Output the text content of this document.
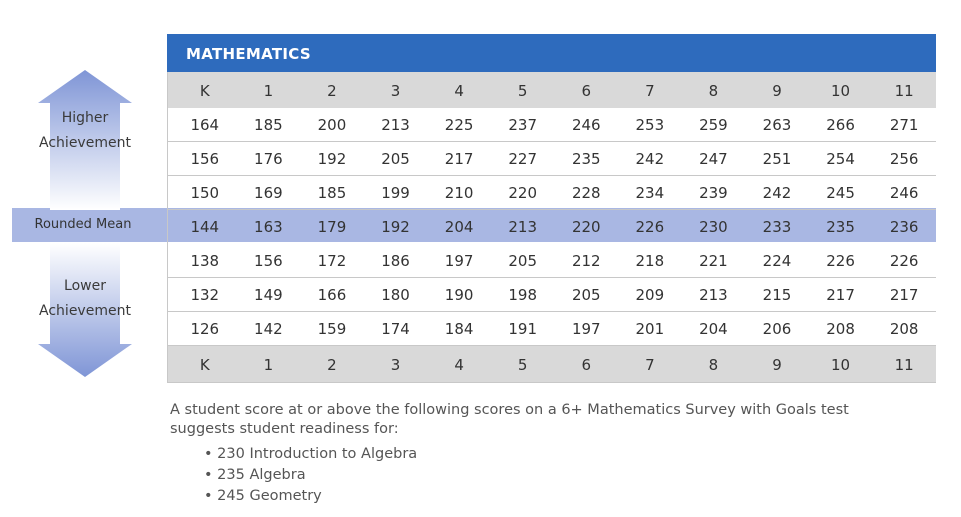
Higher
Achievement
Lower
Achievement
Rounded Mean
MATHEMATICS
K	1	2	3	4	5	6	7	8	9	10	11
164	185	200	213	225	237	246	253	259	263	266	271
156	176	192	205	217	227	235	242	247	251	254	256
150	169	185	199	210	220	228	234	239	242	245	246
144	163	179	192	204	213	220	226	230	233	235	236
138	156	172	186	197	205	212	218	221	224	226	226
132	149	166	180	190	198	205	209	213	215	217	217
126	142	159	174	184	191	197	201	204	206	208	208
K	1	2	3	4	5	6	7	8	9	10	11
A student score at or above the following scores on a 6+ Mathematics Survey with Goals test suggests student readiness for:
• 230 Introduction to Algebra
• 235 Algebra
• 245 Geometry
